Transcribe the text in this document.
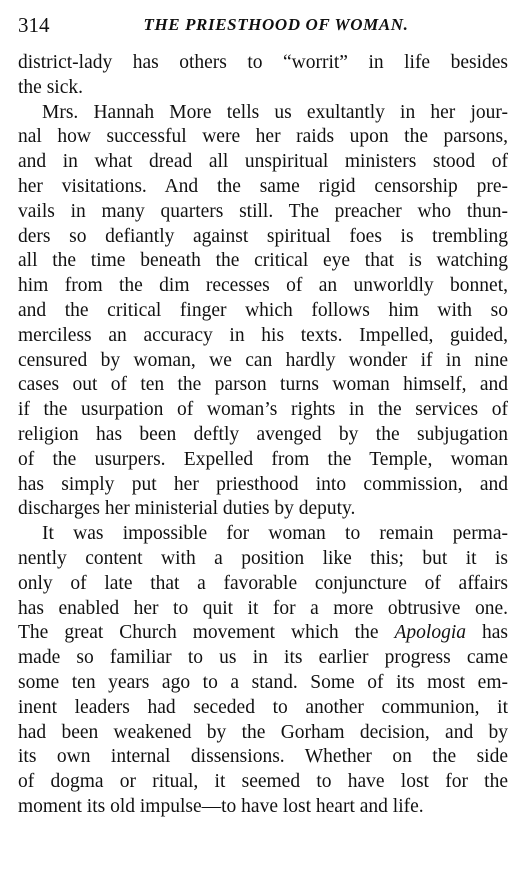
314	THE PRIESTHOOD OF WOMAN.
district-lady has others to “worrit” in life besides
the sick.
Mrs. Hannah More tells us exultantly in her jour-
nal how successful were her raids upon the parsons,
and in what dread all unspiritual ministers stood of
her visitations. And the same rigid censorship pre-
vails in many quarters still. The preacher who thun-
ders so defiantly against spiritual foes is trembling
all the time beneath the critical eye that is watching
him from the dim recesses of an unworldly bonnet,
and the critical finger which follows him with so
merciless an accuracy in his texts. Impelled, guided,
censured by woman, we can hardly wonder if in nine
cases out of ten the parson turns woman himself, and
if the usurpation of woman’s rights in the services of
religion has been deftly avenged by the subjugation
of the usurpers. Expelled from the Temple, woman
has simply put her priesthood into commission, and
discharges her ministerial duties by deputy.
It was impossible for woman to remain perma-
nently content with a position like this; but it is
only of late that a favorable conjuncture of affairs
has enabled her to quit it for a more obtrusive one.
The great Church movement which the Apologia has
made so familiar to us in its earlier progress came
some ten years ago to a stand. Some of its most em-
inent leaders had seceded to another communion, it
had been weakened by the Gorham decision, and by
its own internal dissensions. Whether on the side
of dogma or ritual, it seemed to have lost for the
moment its old impulse—to have lost heart and life.
